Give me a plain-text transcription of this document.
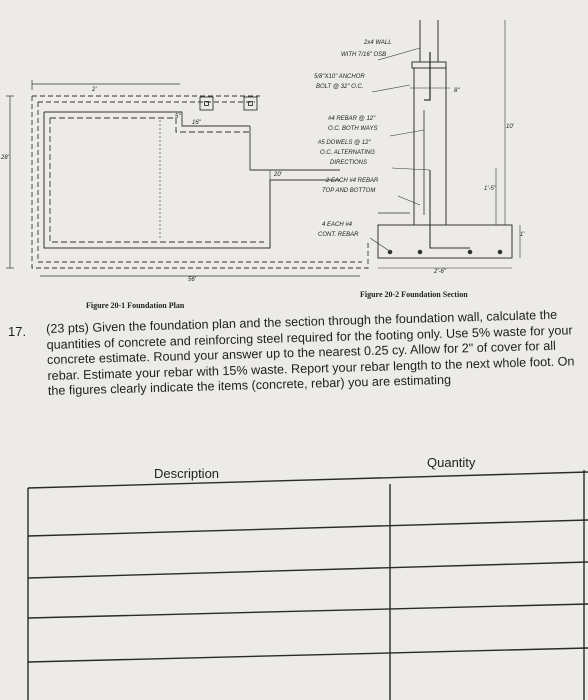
2'
28'
20'
56'
16"
5"
Figure 20-1 Foundation Plan
2x4 WALL
WITH 7/16" OSB
5/8"X10" ANCHOR
BOLT @ 32" O.C.
8"
10'
#4 REBAR @ 12"
O.C. BOTH WAYS
#5 DOWELS @ 12"
O.C. ALTERNATING
DIRECTIONS
2 EACH #4 REBAR
TOP AND BOTTOM	1'-5"
4 EACH #4
CONT. REBAR	1'
2'-6"
Figure 20-2 Foundation Section
17. (23 pts) Given the foundation plan and the section through the foundation wall, calculate the quantities of concrete and reinforcing steel required for the footing only. Use 5% waste for your concrete estimate. Round your answer up to the nearest 0.25 cy. Allow for 2" of cover for all rebar. Estimate your rebar with 15% waste. Report your rebar length to the next whole foot. On the figures clearly indicate the items (concrete, rebar) you are estimating

Description
Quantity
